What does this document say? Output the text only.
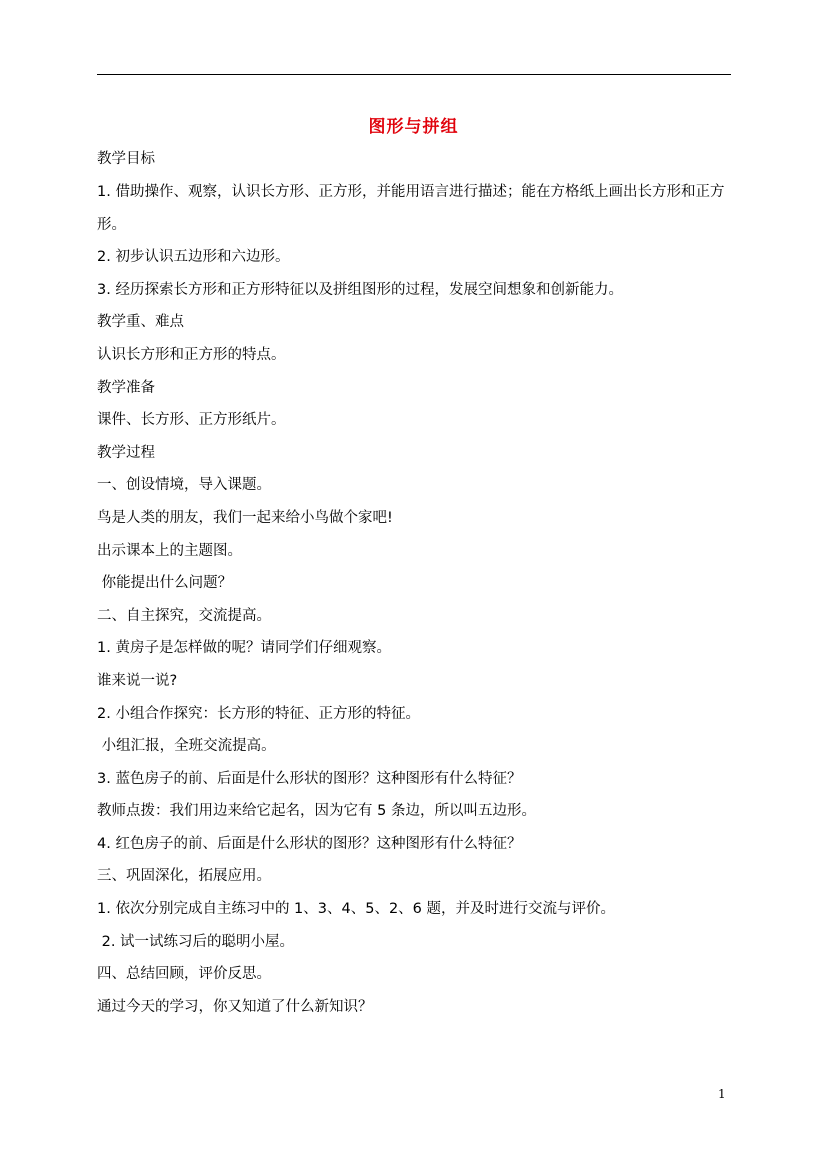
图形与拼组
教学目标
1. 借助操作、观察，认识长方形、正方形，并能用语言进行描述；能在方格纸上画出长方形和正方
形。
2. 初步认识五边形和六边形。
3. 经历探索长方形和正方形特征以及拼组图形的过程，发展空间想象和创新能力。
教学重、难点
认识长方形和正方形的特点。
教学准备
课件、长方形、正方形纸片。
教学过程
一、创设情境，导入课题。
鸟是人类的朋友，我们一起来给小鸟做个家吧!
出示课本上的主题图。
你能提出什么问题？
二、自主探究，交流提高。
1. 黄房子是怎样做的呢？请同学们仔细观察。
谁来说一说?
2. 小组合作探究：长方形的特征、正方形的特征。
小组汇报，全班交流提高。
3. 蓝色房子的前、后面是什么形状的图形？这种图形有什么特征？
教师点拨：我们用边来给它起名，因为它有 5 条边，所以叫五边形。
4. 红色房子的前、后面是什么形状的图形？这种图形有什么特征？
三、巩固深化，拓展应用。
1. 依次分别完成自主练习中的 1、3、4、5、2、6 题，并及时进行交流与评价。
2. 试一试练习后的聪明小屋。
四、总结回顾，评价反思。
通过今天的学习，你又知道了什么新知识？
1
